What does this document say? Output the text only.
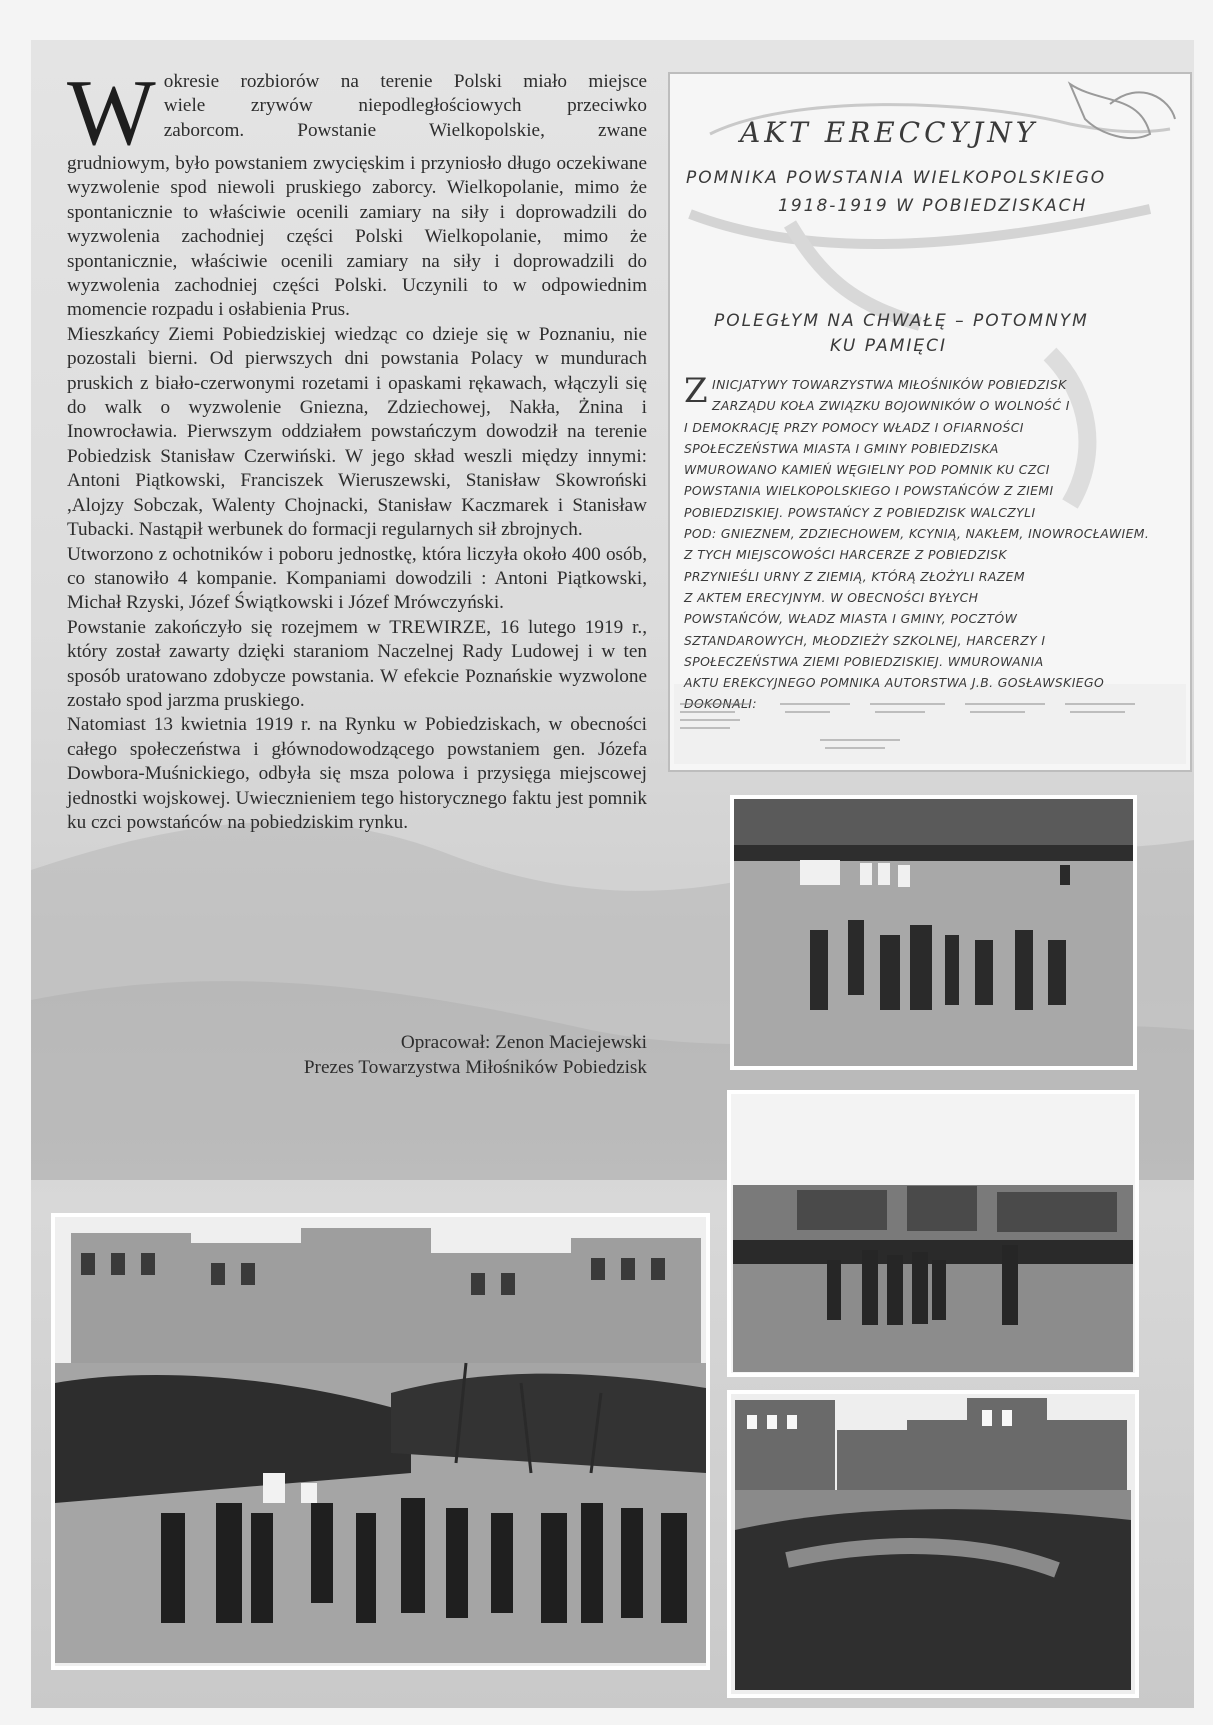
W okresie rozbiorów na terenie Polski miało miejsce

wiele zrywów niepodległościowych przeciwko

zaborcom. Powstanie Wielkopolskie, zwane

grudniowym, było powstaniem zwycięskim i przyniosło długo oczekiwane wyzwolenie spod niewoli pruskiego zaborcy. Wielkopolanie, mimo że spontanicznie to właściwie ocenili zamiary na siły i doprowadzili do wyzwolenia zachodniej części Polski Wielkopolanie, mimo że spontanicznie, właściwie ocenili zamiary na siły i doprowadzili do wyzwolenia zachodniej części Polski. Uczynili to w odpowiednim momencie rozpadu i osłabienia Prus.

Mieszkańcy Ziemi Pobiedziskiej wiedząc co dzieje się w Poznaniu, nie pozostali bierni. Od pierwszych dni powstania Polacy w mundurach pruskich z biało-czerwonymi rozetami i opaskami rękawach, włączyli się do walk o wyzwolenie Gniezna, Zdziechowej, Nakła, Żnina i Inowrocławia. Pierwszym oddziałem powstańczym dowodził na terenie Pobiedzisk Stanisław Czerwiński. W jego skład weszli między innymi: Antoni Piątkowski, Franciszek Wieruszewski, Stanisław Skowroński ,Alojzy Sobczak, Walenty Chojnacki, Stanisław Kaczmarek i Stanisław Tubacki. Nastąpił werbunek do formacji regularnych sił zbrojnych.

Utworzono z ochotników i poboru jednostkę, która liczyła około 400 osób, co stanowiło 4 kompanie. Kompaniami dowodzili : Antoni Piątkowski, Michał Rzyski, Józef Świątkowski i Józef Mrówczyński.

Powstanie zakończyło się rozejmem w TREWIRZE, 16 lutego 1919 r., który został zawarty dzięki staraniom Naczelnej Rady Ludowej i w ten sposób uratowano zdobycze powstania. W efekcie Poznańskie wyzwolone zostało spod jarzma pruskiego.

Natomiast 13 kwietnia 1919 r. na Rynku w Pobiedziskach, w obecności całego społeczeństwa i głównodowodzącego powstaniem gen. Józefa Dowbora-Muśnickiego, odbyła się msza polowa i przysięga miejscowej jednostki wojskowej. Uwiecznieniem tego historycznego faktu jest pomnik ku czci powstańców na pobiedziskim rynku.

Opracował: Zenon Maciejewski
Prezes Towarzystwa Miłośników Pobiedzisk
AKT ERECCYJNY
POMNIKA POWSTANIA WIELKOPOLSKIEGO
1918-1919 W POBIEDZISKACH
POLEGŁYM NA CHWAŁĘ – POTOMNYM
KU PAMIĘCI
Z INICJATYWY TOWARZYSTWA MIŁOŚNIKÓW POBIEDZISK
ZARZĄDU KOŁA ZWIĄZKU BOJOWNIKÓW O WOLNOŚĆ I
I DEMOKRACJĘ PRZY POMOCY WŁADZ I OFIARNOŚCI
SPOŁECZEŃSTWA MIASTA I GMINY POBIEDZISKA
WMUROWANO KAMIEŃ WĘGIELNY POD POMNIK KU CZCI
POWSTANIA WIELKOPOLSKIEGO I POWSTAŃCÓW Z ZIEMI
POBIEDZISKIEJ. POWSTAŃCY Z POBIEDZISK WALCZYLI
POD: GNIEZNEM, ZDZIECHOWEM, KCYNIĄ, NAKŁEM, INOWROCŁAWIEM.
Z TYCH MIEJSCOWOŚCI HARCERZE Z POBIEDZISK
PRZYNIEŚLI URNY Z ZIEMIĄ, KTÓRĄ ZŁOŻYLI RAZEM
Z AKTEM ERECYJNYM. W OBECNOŚCI BYŁYCH
POWSTAŃCÓW, WŁADZ MIASTA I GMINY, POCZTÓW
SZTANDAROWYCH, MŁODZIEŻY SZKOLNEJ, HARCERZY I
SPOŁECZEŃSTWA ZIEMI POBIEDZISKIEJ. WMUROWANIA
AKTU EREKCYJNEGO POMNIKA AUTORSTWA J.B. GOSŁAWSKIEGO
DOKONALI:
